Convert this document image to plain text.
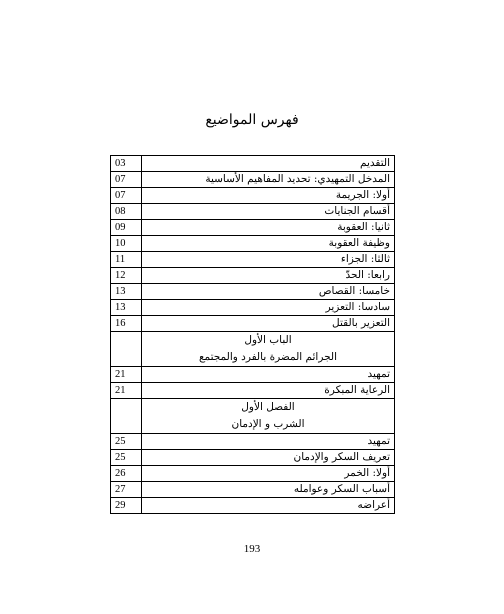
فهرس المواضيع
03	التقديم
07	المدخل التمهيدي: تحديد المفاهيم الأساسية
07	أولا: الجريمة
08	أقسام الجنايات
09	ثانيا: العقوبة
10	وظيفة العقوبة
11	ثالثا: الجزاء
12	رابعا: الحدّ
13	خامسا: القصاص
13	سادسا: التعزير
16	التعزير بالقتل

	الباب الأول
الجرائم المضرة بالفرد والمجتمع

21	تمهيد
21	الرعاية المبكرة

	الفصل الأول
الشرب و الإدمان

25	تمهيد
25	تعريف السكر والإدمان
26	أولا: الخمر
27	أسباب السكر وعوامله
29	أعراضه
193
